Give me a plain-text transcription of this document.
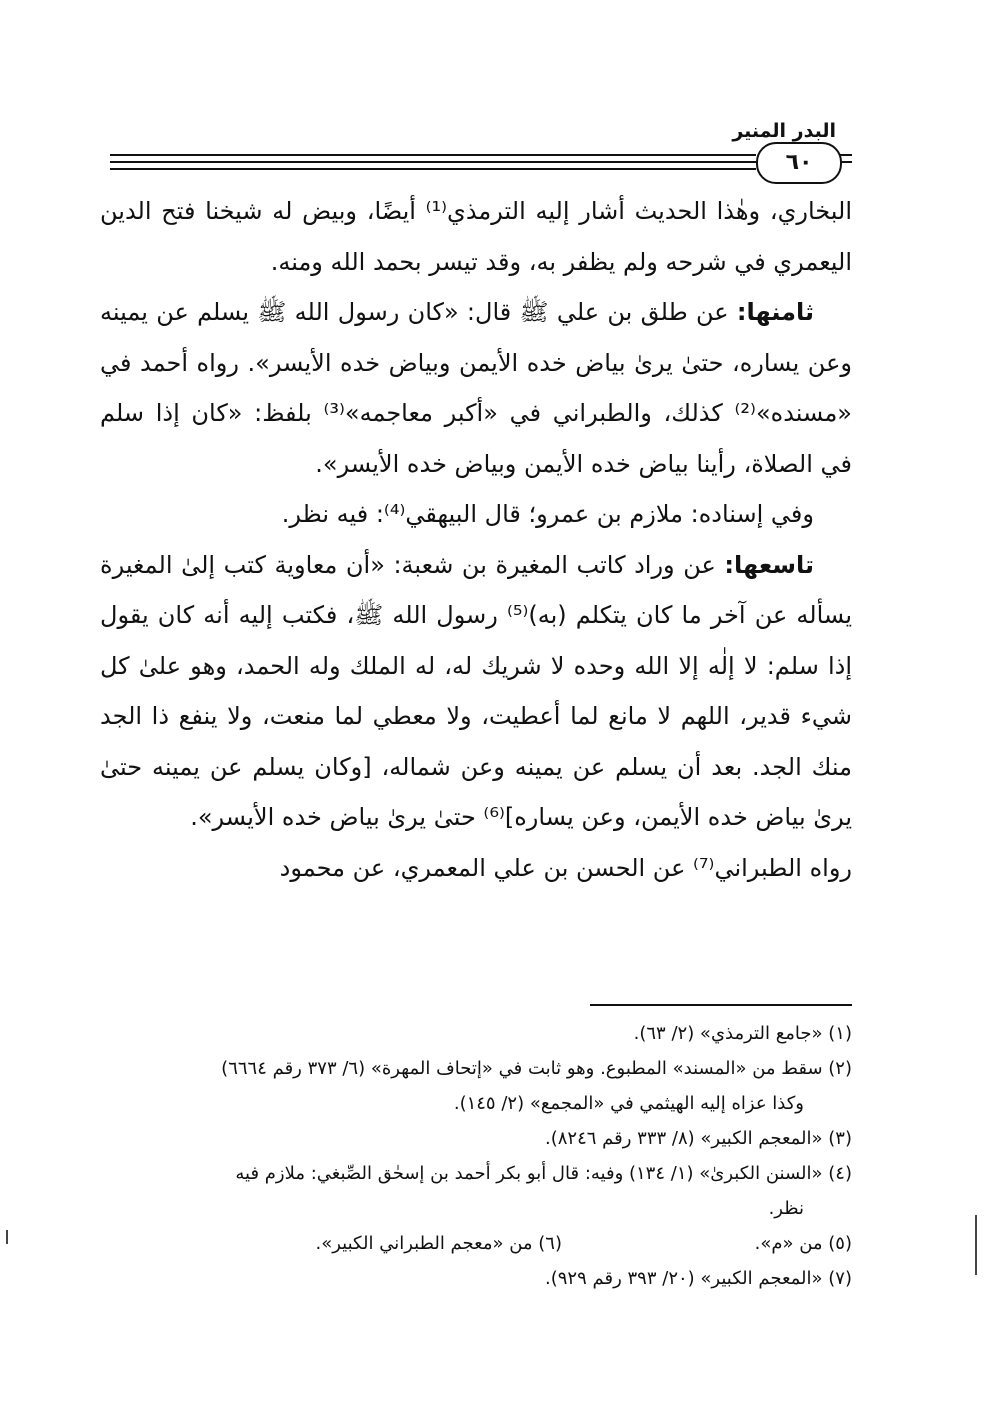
البدر المنير
٦٠

البخاري، وهٰذا الحديث أشار إليه الترمذي⁽¹⁾ أيضًا، وبيض له شيخنا فتح الدين اليعمري في شرحه ولم يظفر به، وقد تيسر بحمد الله ومنه.

ثامنها: عن طلق بن علي ﷺ قال: «كان رسول الله ﷺ يسلم عن يمينه وعن يساره، حتىٰ يرىٰ بياض خده الأيمن وبياض خده الأيسر». رواه أحمد في «مسنده»⁽²⁾ كذلك، والطبراني في «أكبر معاجمه»⁽³⁾ بلفظ: «كان إذا سلم في الصلاة، رأينا بياض خده الأيمن وبياض خده الأيسر».

وفي إسناده: ملازم بن عمرو؛ قال البيهقي⁽⁴⁾: فيه نظر.

تاسعها: عن وراد كاتب المغيرة بن شعبة: «أن معاوية كتب إلىٰ المغيرة يسأله عن آخر ما كان يتكلم (به)⁽⁵⁾ رسول الله ﷺ، فكتب إليه أنه كان يقول إذا سلم: لا إلٰه إلا الله وحده لا شريك له، له الملك وله الحمد، وهو علىٰ كل شيء قدير، اللهم لا مانع لما أعطيت، ولا معطي لما منعت، ولا ينفع ذا الجد منك الجد. بعد أن يسلم عن يمينه وعن شماله، [وكان يسلم عن يمينه حتىٰ يرىٰ بياض خده الأيمن، وعن يساره]⁽⁶⁾ حتىٰ يرىٰ بياض خده الأيسر».

رواه الطبراني⁽⁷⁾ عن الحسن بن علي المعمري، عن محمود

(١) «جامع الترمذي» (٢/ ٦٣).

(٢) سقط من «المسند» المطبوع. وهو ثابت في «إتحاف المهرة» (٦/ ٣٧٣ رقم ٦٦٦٤)

وكذا عزاه إليه الهيثمي في «المجمع» (٢/ ١٤٥).

(٣) «المعجم الكبير» (٨/ ٣٣٣ رقم ٨٢٤٦).

(٤) «السنن الكبرىٰ» (١/ ١٣٤) وفيه: قال أبو بكر أحمد بن إسحٰق الصِّبغي: ملازم فيه

نظر.

(٥) من «م».
(٦) من «معجم الطبراني الكبير».

(٧) «المعجم الكبير» (٢٠/ ٣٩٣ رقم ٩٢٩).
